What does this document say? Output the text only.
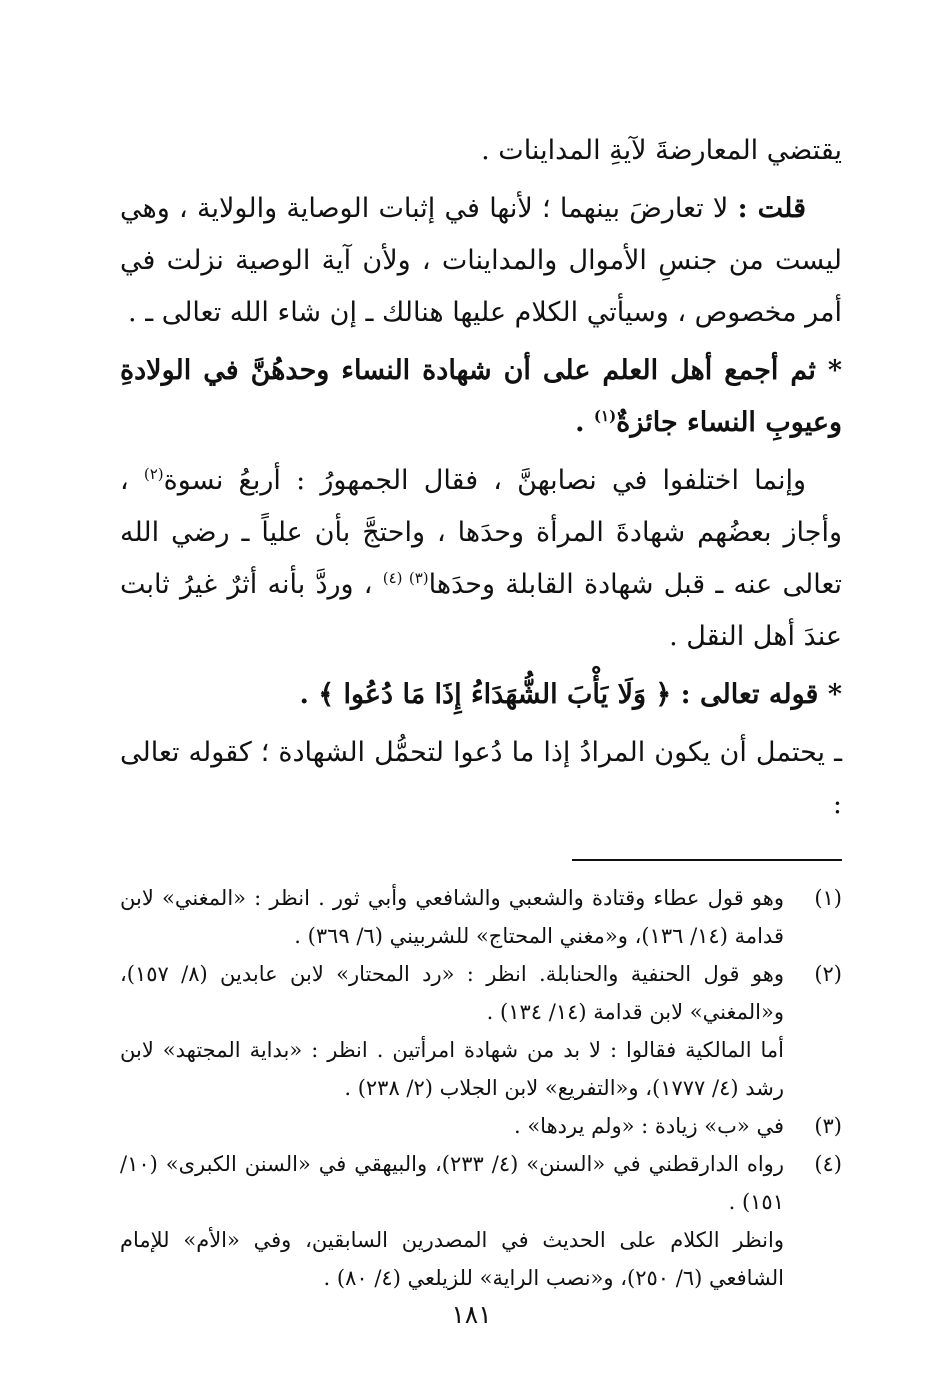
يقتضي المعارضةَ لآيةِ المداينات .

قلت : لا تعارضَ بينهما ؛ لأنها في إثبات الوصاية والولاية ، وهي ليست من جنسِ الأموال والمداينات ، ولأن آية الوصية نزلت في أمر مخصوص ، وسيأتي الكلام عليها هنالك ـ إن شاء الله تعالى ـ .

* ثم أجمع أهل العلم على أن شهادة النساء وحدهُنَّ في الولادةِ وعيوبِ النساء جائزةٌ$^{(١)}$ .

وإنما اختلفوا في نصابهنَّ ، فقال الجمهورُ : أربعُ نسوة$^{(٢)}$ ، وأجاز بعضُهم شهادةَ المرأة وحدَها ، واحتجَّ بأن علياً ـ رضي الله تعالى عنه ـ قبل شهادة القابلة وحدَها$^{(٣) (٤)}$ ، وردَّ بأنه أثرٌ غيرُ ثابت عندَ أهل النقل .

* قوله تعالى : ﴿ وَلَا يَأْبَ الشُّهَدَاءُ إِذَا مَا دُعُوا ﴾ .

ـ يحتمل أن يكون المرادُ إذا ما دُعوا لتحمُّل الشهادة ؛ كقوله تعالى :

(١)

وهو قول عطاء وقتادة والشعبي والشافعي وأبي ثور . انظر : «المغني» لابن قدامة (١٤/ ١٣٦)، و«مغني المحتاج» للشربيني (٦/ ٣٦٩) .

(٢)

وهو قول الحنفية والحنابلة. انظر : «رد المحتار» لابن عابدين (٨/ ١٥٧)، و«المغني» لابن قدامة (١٤/ ١٣٤) .

أما المالكية فقالوا : لا بد من شهادة امرأتين . انظر : «بداية المجتهد» لابن رشد (٤/ ١٧٧٧)، و«التفريع» لابن الجلاب (٢/ ٢٣٨) .

(٣)

في «ب» زيادة : «ولم يردها» .

(٤)

رواه الدارقطني في «السنن» (٤/ ٢٣٣)، والبيهقي في «السنن الكبرى» (١٠/ ١٥١) .

وانظر الكلام على الحديث في المصدرين السابقين، وفي «الأم» للإمام الشافعي (٦/ ٢٥٠)، و«نصب الراية» للزيلعي (٤/ ٨٠) .

١٨١
